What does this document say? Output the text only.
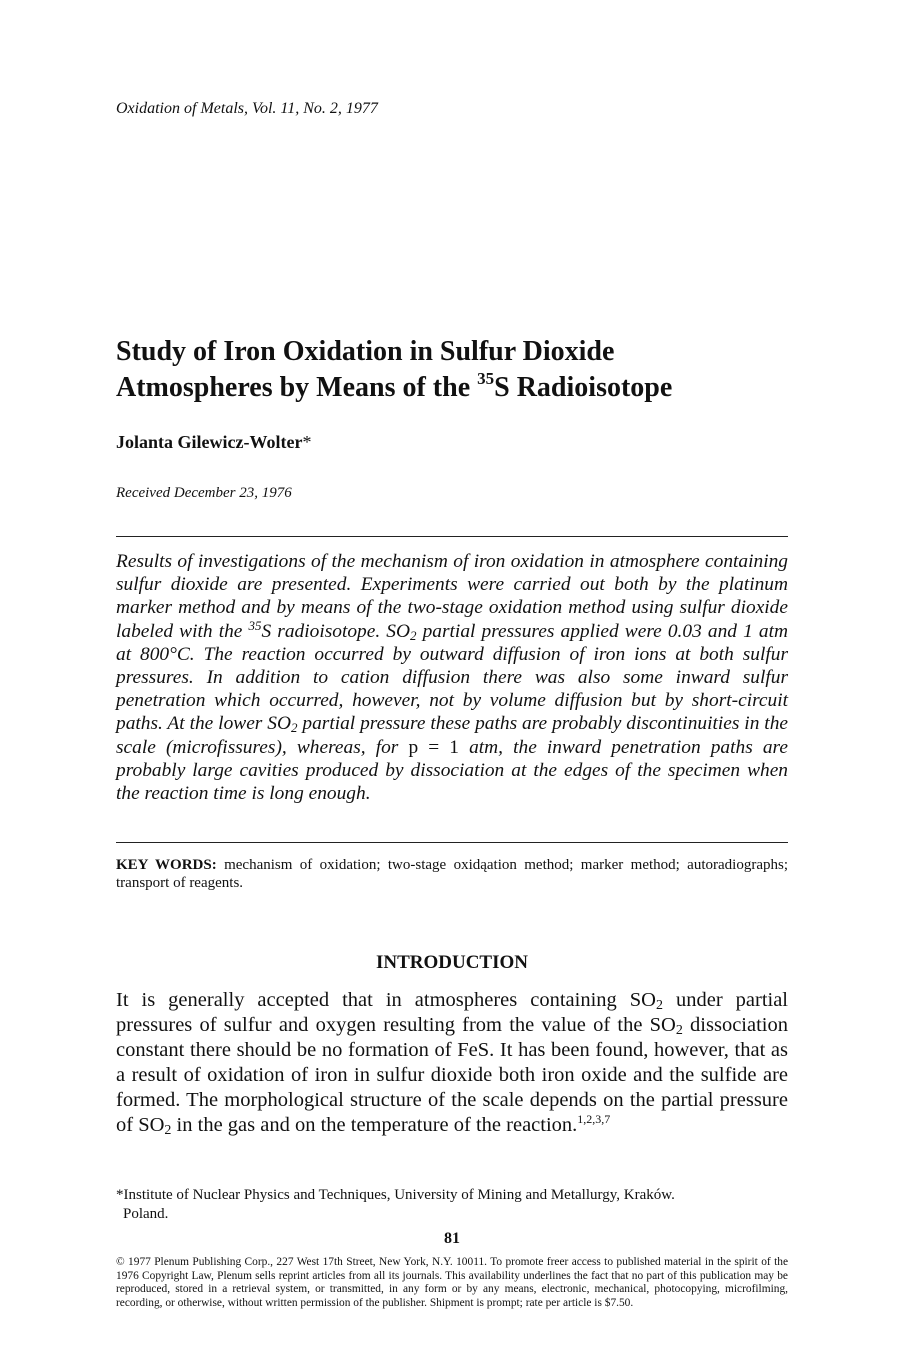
Oxidation of Metals, Vol. 11, No. 2, 1977
Study of Iron Oxidation in Sulfur Dioxide
Atmospheres by Means of the $^{35}$S Radioisotope
Jolanta Gilewicz-Wolter*
Received December 23, 1976
Results of investigations of the mechanism of iron oxidation in atmosphere containing sulfur dioxide are presented. Experiments were carried out both by the platinum marker method and by means of the two-stage oxidation method using sulfur dioxide labeled with the $^{35}$S radioisotope. $SO_2$ partial pressures applied were 0.03 and 1 atm at 800°C. The reaction occurred by outward diffusion of iron ions at both sulfur pressures. In addition to cation diffusion there was also some inward sulfur penetration which occurred, however, not by volume diffusion but by short-circuit paths. At the lower $SO_2$ partial pressure these paths are probably discontinuities in the scale (microfissures), whereas, for p = 1 atm, the inward penetration paths are probably large cavities produced by dissociation at the edges of the specimen when the reaction time is long enough.
KEY WORDS: mechanism of oxidation; two-stage oxidąation method; marker method; autoradiographs; transport of reagents.
INTRODUCTION
It is generally accepted that in atmospheres containing $SO_2$ under partial pressures of sulfur and oxygen resulting from the value of the $SO_2$ dissociation constant there should be no formation of FeS. It has been found, however, that as a result of oxidation of iron in sulfur dioxide both iron oxide and the sulfide are formed. The morphological structure of the scale depends on the partial pressure of $SO_2$ in the gas and on the temperature of the reaction.$^{1,2,3,7}$
*Institute of Nuclear Physics and Techniques, University of Mining and Metallurgy, Kraków.
Poland.
81
© 1977 Plenum Publishing Corp., 227 West 17th Street, New York, N.Y. 10011. To promote freer access to published material in the spirit of the 1976 Copyright Law, Plenum sells reprint articles from all its journals. This availability underlines the fact that no part of this publication may be reproduced, stored in a retrieval system, or transmitted, in any form or by any means, electronic, mechanical, photocopying, microfilming, recording, or otherwise, without written permission of the publisher. Shipment is prompt; rate per article is $7.50.
